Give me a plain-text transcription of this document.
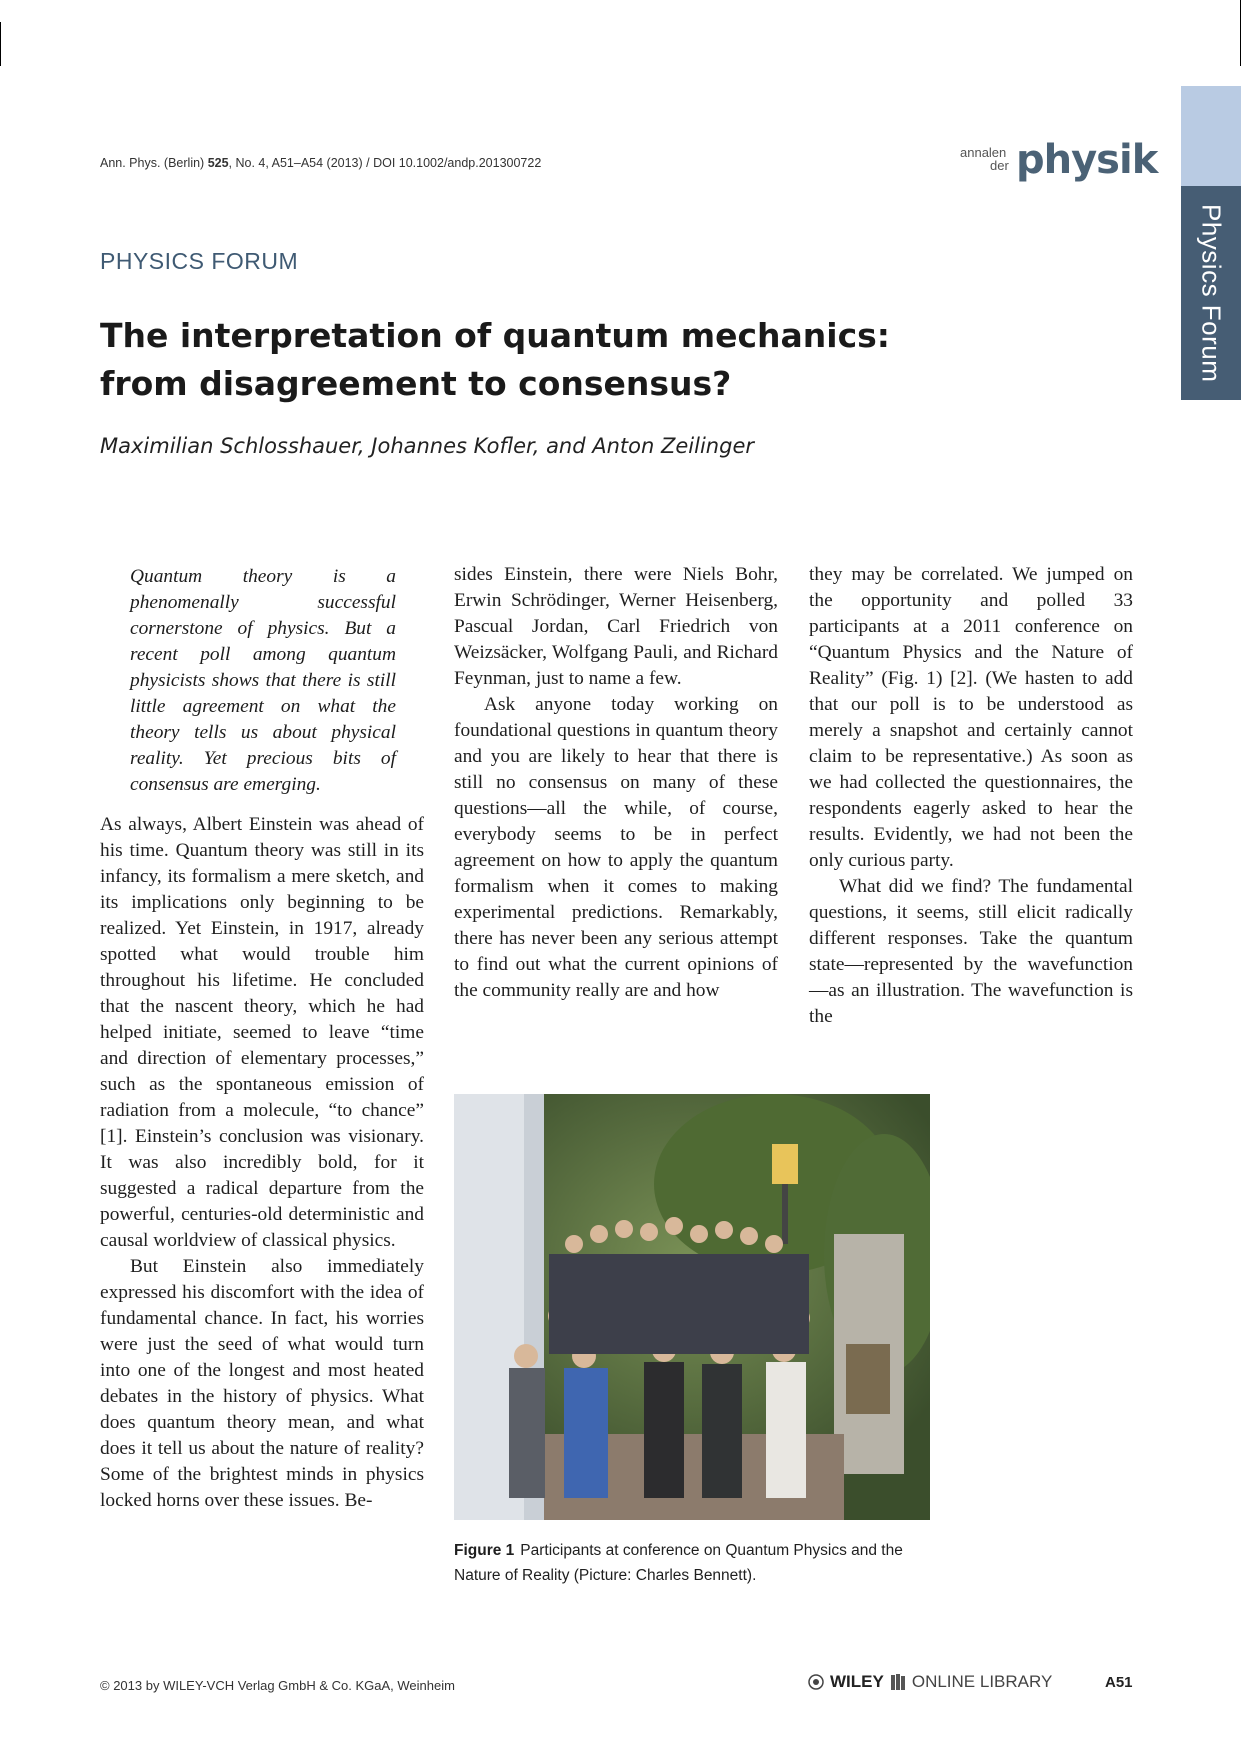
Ann. Phys. (Berlin) 525, No. 4, A51–A54 (2013) / DOI 10.1002/andp.201300722
annalen
der physik
Physics Forum
PHYSICS FORUM
The interpretation of quantum mechanics:
from disagreement to consensus?
Maximilian Schlosshauer, Johannes Kofler, and Anton Zeilinger

Quantum theory is a phenomenally successful cornerstone of physics. But a recent poll among quantum physicists shows that there is still little agreement on what the theory tells us about physical reality. Yet precious bits of consensus are emerging.

As always, Albert Einstein was ahead of his time. Quantum theory was still in its infancy, its formalism a mere sketch, and its implications only beginning to be realized. Yet Einstein, in 1917, already spotted what would trouble him throughout his lifetime. He concluded that the nascent theory, which he had helped initiate, seemed to leave “time and direction of elementary processes,” such as the spontaneous emission of radiation from a molecule, “to chance” [1]. Einstein’s conclusion was visionary. It was also incredibly bold, for it suggested a radical departure from the powerful, centuries-old deterministic and causal worldview of classical physics.

But Einstein also immediately expressed his discomfort with the idea of fundamental chance. In fact, his worries were just the seed of what would turn into one of the longest and most heated debates in the history of physics. What does quantum theory mean, and what does it tell us about the nature of reality? Some of the brightest minds in physics locked horns over these issues. Be-

sides Einstein, there were Niels Bohr, Erwin Schrödinger, Werner Heisenberg, Pascual Jordan, Carl Friedrich von Weizsäcker, Wolfgang Pauli, and Richard Feynman, just to name a few.

Ask anyone today working on foundational questions in quantum theory and you are likely to hear that there is still no consensus on many of these questions—all the while, of course, everybody seems to be in perfect agreement on how to apply the quantum formalism when it comes to making experimental predictions. Remarkably, there has never been any serious attempt to find out what the current opinions of the community really are and how

they may be correlated. We jumped on the opportunity and polled 33 participants at a 2011 conference on “Quantum Physics and the Nature of Reality” (Fig. 1) [2]. (We hasten to add that our poll is to be understood as merely a snapshot and certainly cannot claim to be representative.) As soon as we had collected the questionnaires, the respondents eagerly asked to hear the results. Evidently, we had not been the only curious party.

What did we find? The fundamental questions, it seems, still elicit radically different responses. Take the quantum state—represented by the wavefunction—as an illustration. The wavefunction is the

Figure 1 Participants at conference on Quantum Physics and the Nature of Reality (Picture: Charles Bennett).
© 2013 by WILEY-VCH Verlag GmbH & Co. KGaA, Weinheim	WILEY ONLINE LIBRARY	A51
